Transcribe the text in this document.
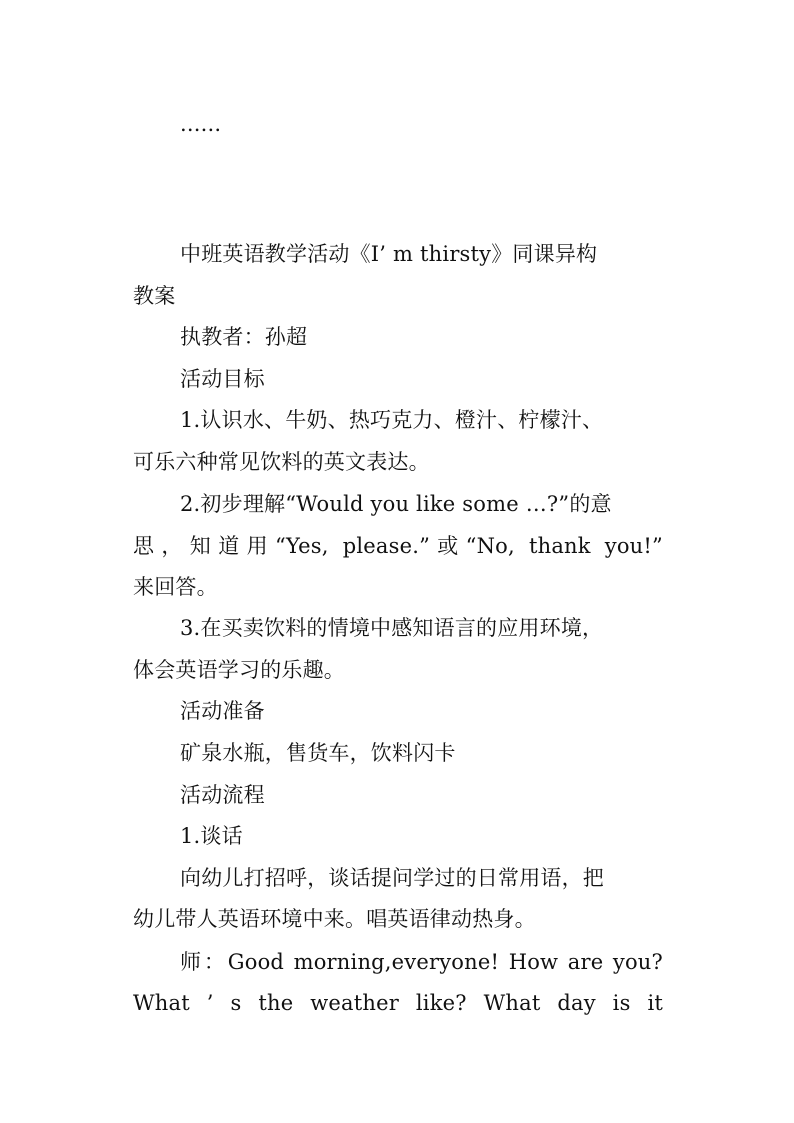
......
中班英语教学活动《I’ m thirsty》同课异构
教案
执教者：孙超
活动目标
1.认识水、牛奶、热巧克力、橙汁、柠檬汁、
可乐六种常见饮料的英文表达。
2.初步理解“Would you like some …?”的意
思，知道用“Yes, please.”或“No, thank you!”
来回答。
3.在买卖饮料的情境中感知语言的应用环境，
体会英语学习的乐趣。
活动准备
矿泉水瓶，售货车，饮料闪卡
活动流程
1.谈话
向幼儿打招呼，谈话提问学过的日常用语，把
幼儿带人英语环境中来。唱英语律动热身。
师：Good morning,everyone! How are you?
What ’ s the weather like? What day is it
